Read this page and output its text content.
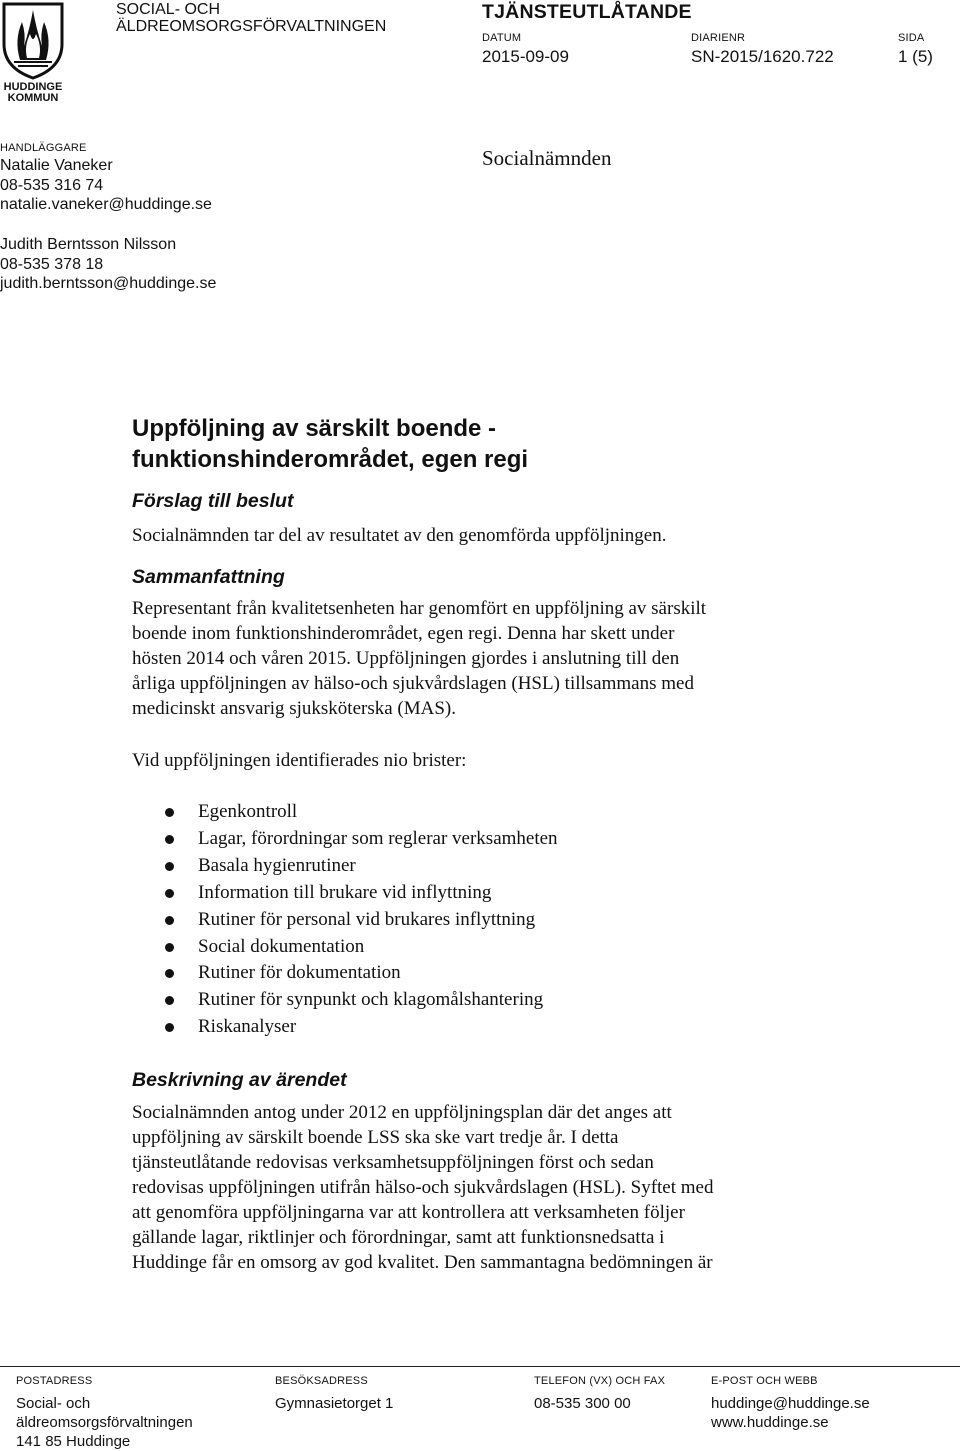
HUDDINGE
KOMMUN
SOCIAL- OCH
ÄLDREOMSORGSFÖRVALTNINGEN
TJÄNSTEUTLÅTANDE
DATUM
2015-09-09
DIARIENR
SN-2015/1620.722
SIDA
1 (5)
HANDLÄGGARE
Natalie Vaneker
08-535 316 74
natalie.vaneker@huddinge.se
Judith Berntsson Nilsson
08-535 378 18
judith.berntsson@huddinge.se
Socialnämnden
Uppföljning av särskilt boende -
funktionshinderområdet, egen regi
Förslag till beslut
Socialnämnden tar del av resultatet av den genomförda uppföljningen.
Sammanfattning
Representant från kvalitetsenheten har genomfört en uppföljning av särskilt
boende inom funktionshinderområdet, egen regi. Denna har skett under
hösten 2014 och våren 2015. Uppföljningen gjordes i anslutning till den
årliga uppföljningen av hälso-och sjukvårdslagen (HSL) tillsammans med
medicinskt ansvarig sjuksköterska (MAS).
Vid uppföljningen identifierades nio brister:
Egenkontroll
Lagar, förordningar som reglerar verksamheten
Basala hygienrutiner
Information till brukare vid inflyttning
Rutiner för personal vid brukares inflyttning
Social dokumentation
Rutiner för dokumentation
Rutiner för synpunkt och klagomålshantering
Riskanalyser
Beskrivning av ärendet
Socialnämnden antog under 2012 en uppföljningsplan där det anges att
uppföljning av särskilt boende LSS ska ske vart tredje år. I detta
tjänsteutlåtande redovisas verksamhetsuppföljningen först och sedan
redovisas uppföljningen utifrån hälso-och sjukvårdslagen (HSL). Syftet med
att genomföra uppföljningarna var att kontrollera att verksamheten följer
gällande lagar, riktlinjer och förordningar, samt att funktionsnedsatta i
Huddinge får en omsorg av god kvalitet. Den sammantagna bedömningen är
POSTADRESS
Social- och
äldreomsorgsförvaltningen
141 85 Huddinge
BESÖKSADRESS
Gymnasietorget 1
TELEFON (VX) OCH FAX
08-535 300 00
E-POST OCH WEBB
huddinge@huddinge.se
www.huddinge.se
